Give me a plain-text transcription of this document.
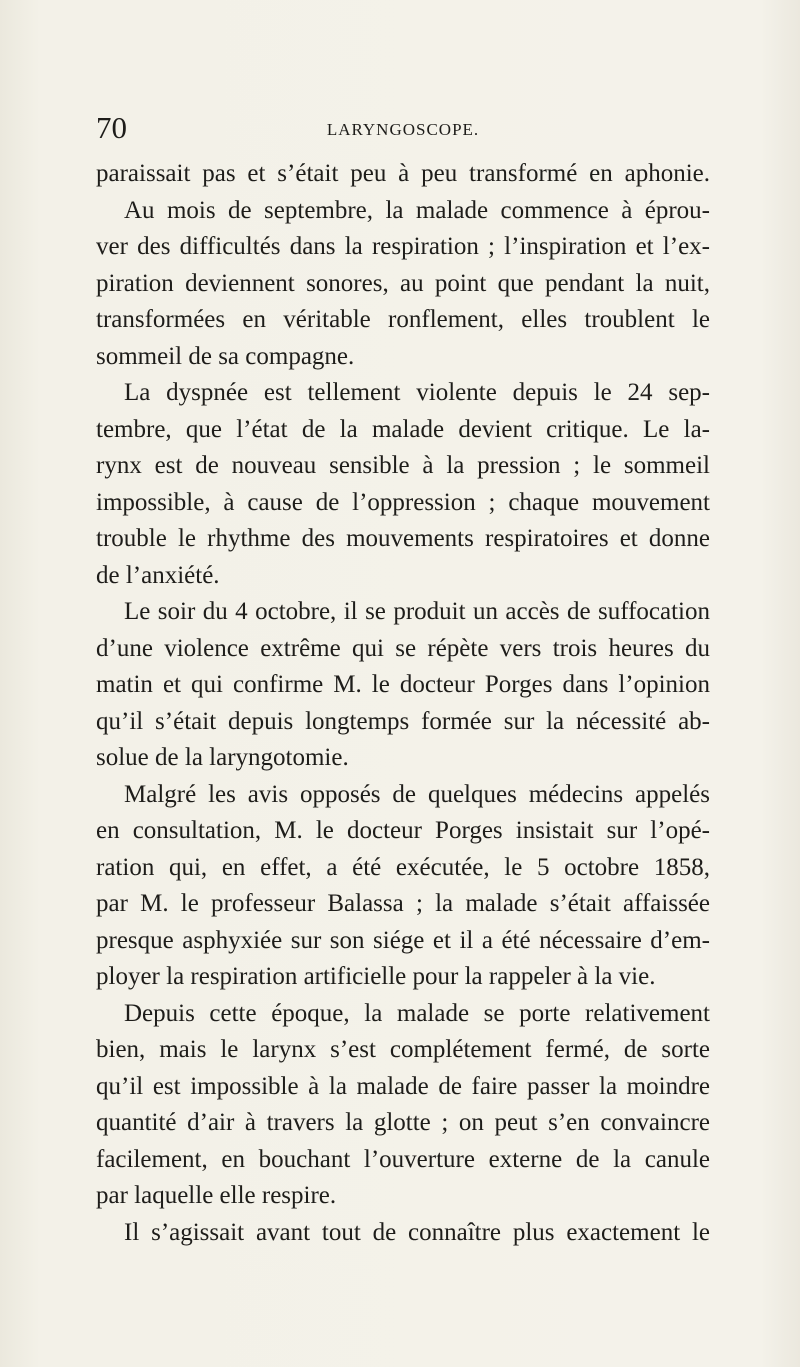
70	LARYNGOSCOPE.
paraissait pas et s’était peu à peu transformé en aphonie.
Au mois de septembre, la malade commence à éprou-
ver des difficultés dans la respiration ; l’inspiration et l’ex-
piration deviennent sonores, au point que pendant la nuit,
transformées en véritable ronflement, elles troublent le
sommeil de sa compagne.
La dyspnée est tellement violente depuis le 24 sep-
tembre, que l’état de la malade devient critique. Le la-
rynx est de nouveau sensible à la pression ; le sommeil
impossible, à cause de l’oppression ; chaque mouvement
trouble le rhythme des mouvements respiratoires et donne
de l’anxiété.
Le soir du 4 octobre, il se produit un accès de suffocation
d’une violence extrême qui se répète vers trois heures du
matin et qui confirme M. le docteur Porges dans l’opinion
qu’il s’était depuis longtemps formée sur la nécessité ab-
solue de la laryngotomie.
Malgré les avis opposés de quelques médecins appelés
en consultation, M. le docteur Porges insistait sur l’opé-
ration qui, en effet, a été exécutée, le 5 octobre 1858,
par M. le professeur Balassa ; la malade s’était affaissée
presque asphyxiée sur son siége et il a été nécessaire d’em-
ployer la respiration artificielle pour la rappeler à la vie.
Depuis cette époque, la malade se porte relativement
bien, mais le larynx s’est complétement fermé, de sorte
qu’il est impossible à la malade de faire passer la moindre
quantité d’air à travers la glotte ; on peut s’en convaincre
facilement, en bouchant l’ouverture externe de la canule
par laquelle elle respire.
Il s’agissait avant tout de connaître plus exactement le
